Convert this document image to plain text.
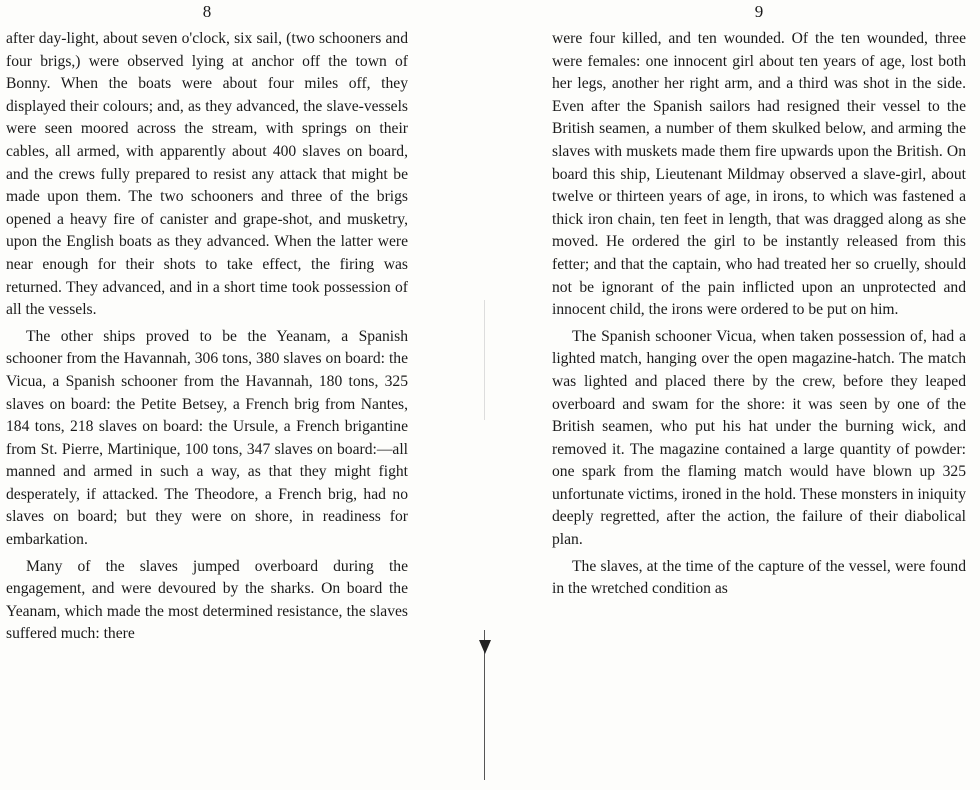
8

after day-light, about seven o'clock, six sail, (two schooners and four brigs,) were observed lying at anchor off the town of Bonny. When the boats were about four miles off, they displayed their colours; and, as they advanced, the slave-vessels were seen moored across the stream, with springs on their cables, all armed, with apparently about 400 slaves on board, and the crews fully prepared to resist any attack that might be made upon them. The two schooners and three of the brigs opened a heavy fire of canister and grape-shot, and musketry, upon the English boats as they advanced. When the latter were near enough for their shots to take effect, the firing was returned. They advanced, and in a short time took possession of all the vessels.

The other ships proved to be the Yeanam, a Spanish schooner from the Havannah, 306 tons, 380 slaves on board: the Vicua, a Spanish schooner from the Havannah, 180 tons, 325 slaves on board: the Petite Betsey, a French brig from Nantes, 184 tons, 218 slaves on board: the Ursule, a French brigantine from St. Pierre, Martinique, 100 tons, 347 slaves on board:—all manned and armed in such a way, as that they might fight desperately, if attacked. The Theodore, a French brig, had no slaves on board; but they were on shore, in readiness for embarkation.

Many of the slaves jumped overboard during the engagement, and were devoured by the sharks. On board the Yeanam, which made the most determined resistance, the slaves suffered much: there

9

were four killed, and ten wounded. Of the ten wounded, three were females: one innocent girl about ten years of age, lost both her legs, another her right arm, and a third was shot in the side. Even after the Spanish sailors had resigned their vessel to the British seamen, a number of them skulked below, and arming the slaves with muskets made them fire upwards upon the British. On board this ship, Lieutenant Mildmay observed a slave-girl, about twelve or thirteen years of age, in irons, to which was fastened a thick iron chain, ten feet in length, that was dragged along as she moved. He ordered the girl to be instantly released from this fetter; and that the captain, who had treated her so cruelly, should not be ignorant of the pain inflicted upon an unprotected and innocent child, the irons were ordered to be put on him.

The Spanish schooner Vicua, when taken possession of, had a lighted match, hanging over the open magazine-hatch. The match was lighted and placed there by the crew, before they leaped overboard and swam for the shore: it was seen by one of the British seamen, who put his hat under the burning wick, and removed it. The magazine contained a large quantity of powder: one spark from the flaming match would have blown up 325 unfortunate victims, ironed in the hold. These monsters in iniquity deeply regretted, after the action, the failure of their diabolical plan.

The slaves, at the time of the capture of the vessel, were found in the wretched condition as
